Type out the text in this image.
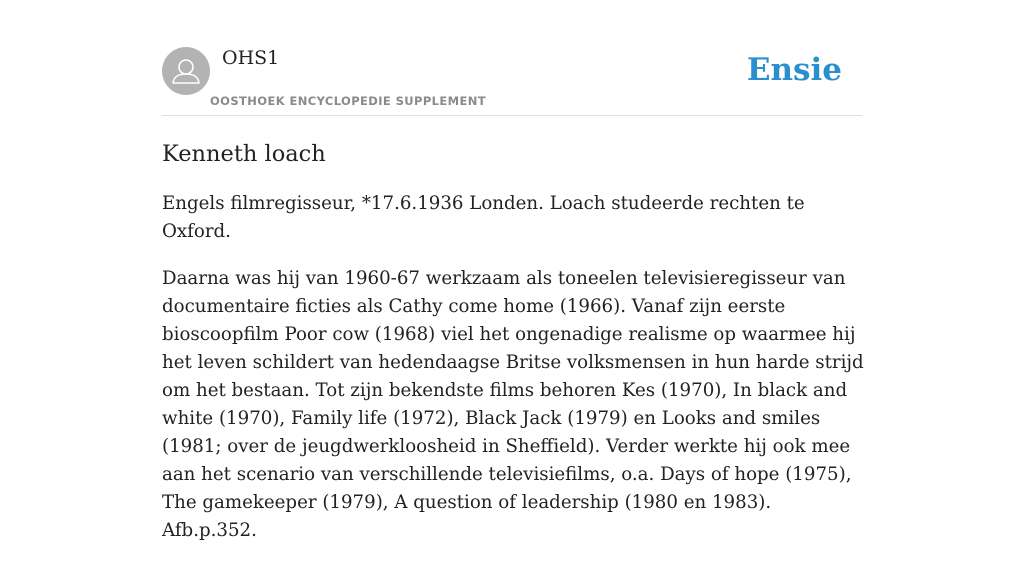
OHS1
OOSTHOEK ENCYCLOPEDIE SUPPLEMENT
Ensie
Kenneth loach

Engels filmregisseur, *17.6.1936 Londen. Loach studeerde rechten te Oxford.

Daarna was hij van 1960-67 werkzaam als toneelen televisieregisseur van documentaire ficties als Cathy come home (1966). Vanaf zijn eerste bioscoopfilm Poor cow (1968) viel het ongenadige realisme op waarmee hij het leven schildert van hedendaagse Britse volksmensen in hun harde strijd om het bestaan. Tot zijn bekendste films behoren Kes (1970), In black and white (1970), Family life (1972), Black Jack (1979) en Looks and smiles (1981; over de jeugdwerkloosheid in Sheffield). Verder werkte hij ook mee aan het scenario van verschillende televisiefilms, o.a. Days of hope (1975), The gamekeeper (1979), A question of leadership (1980 en 1983). Afb.p.352.
